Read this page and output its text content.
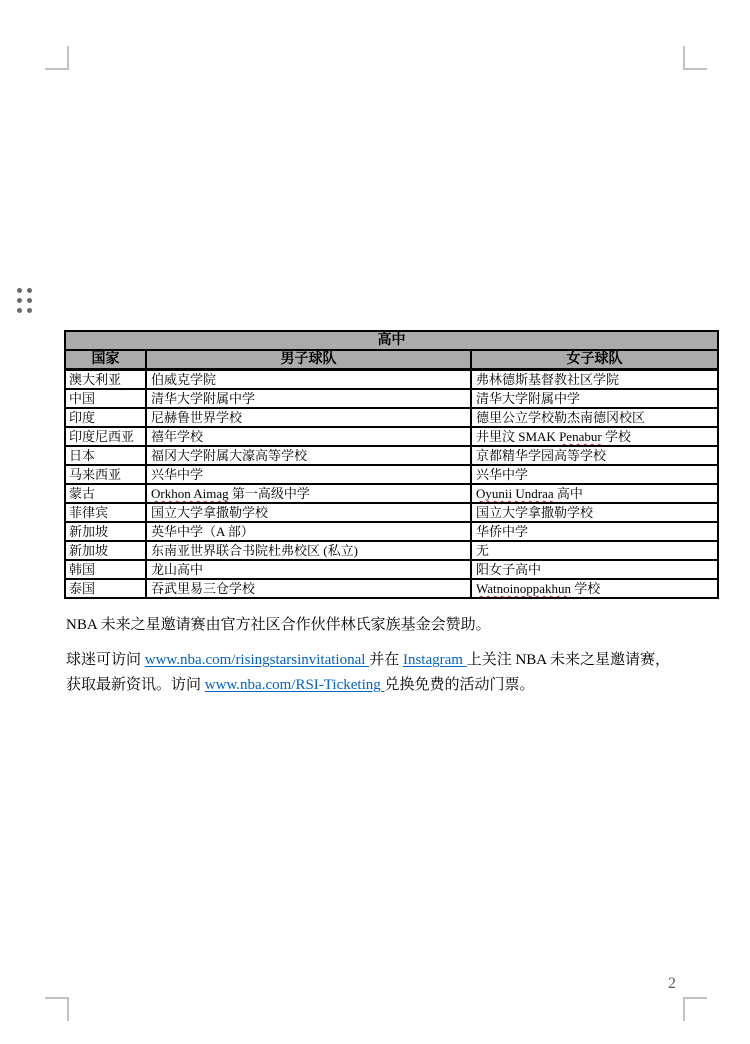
高中		
国家	男子球队	女子球队
澳大利亚	伯威克学院	弗林德斯基督教社区学院
中国	清华大学附属中学	清华大学附属中学
印度	尼赫鲁世界学校	德里公立学校勒杰南德冈校区
印度尼西亚	禧年学校	井里汶 SMAK Penabur 学校
日本	福冈大学附属大濠高等学校	京都精华学园高等学校
马来西亚	兴华中学	兴华中学
蒙古	Orkhon Aimag 第一高级中学	Oyunii Undraa 高中
菲律宾	国立大学拿撒勒学校	国立大学拿撒勒学校
新加坡	英华中学（A 部）	华侨中学
新加坡	东南亚世界联合书院杜弗校区 (私立)	无
韩国	龙山高中	阳女子高中
泰国	吞武里易三仓学校	Watnoinoppakhun 学校
NBA 未来之星邀请赛由官方社区合作伙伴林氏家族基金会赞助。
球迷可访问 www.nba.com/risingstarsinvitational 并在 Instagram 上关注 NBA 未来之星邀请赛，
获取最新资讯。访问 www.nba.com/RSI-Ticketing 兑换免费的活动门票。
2
